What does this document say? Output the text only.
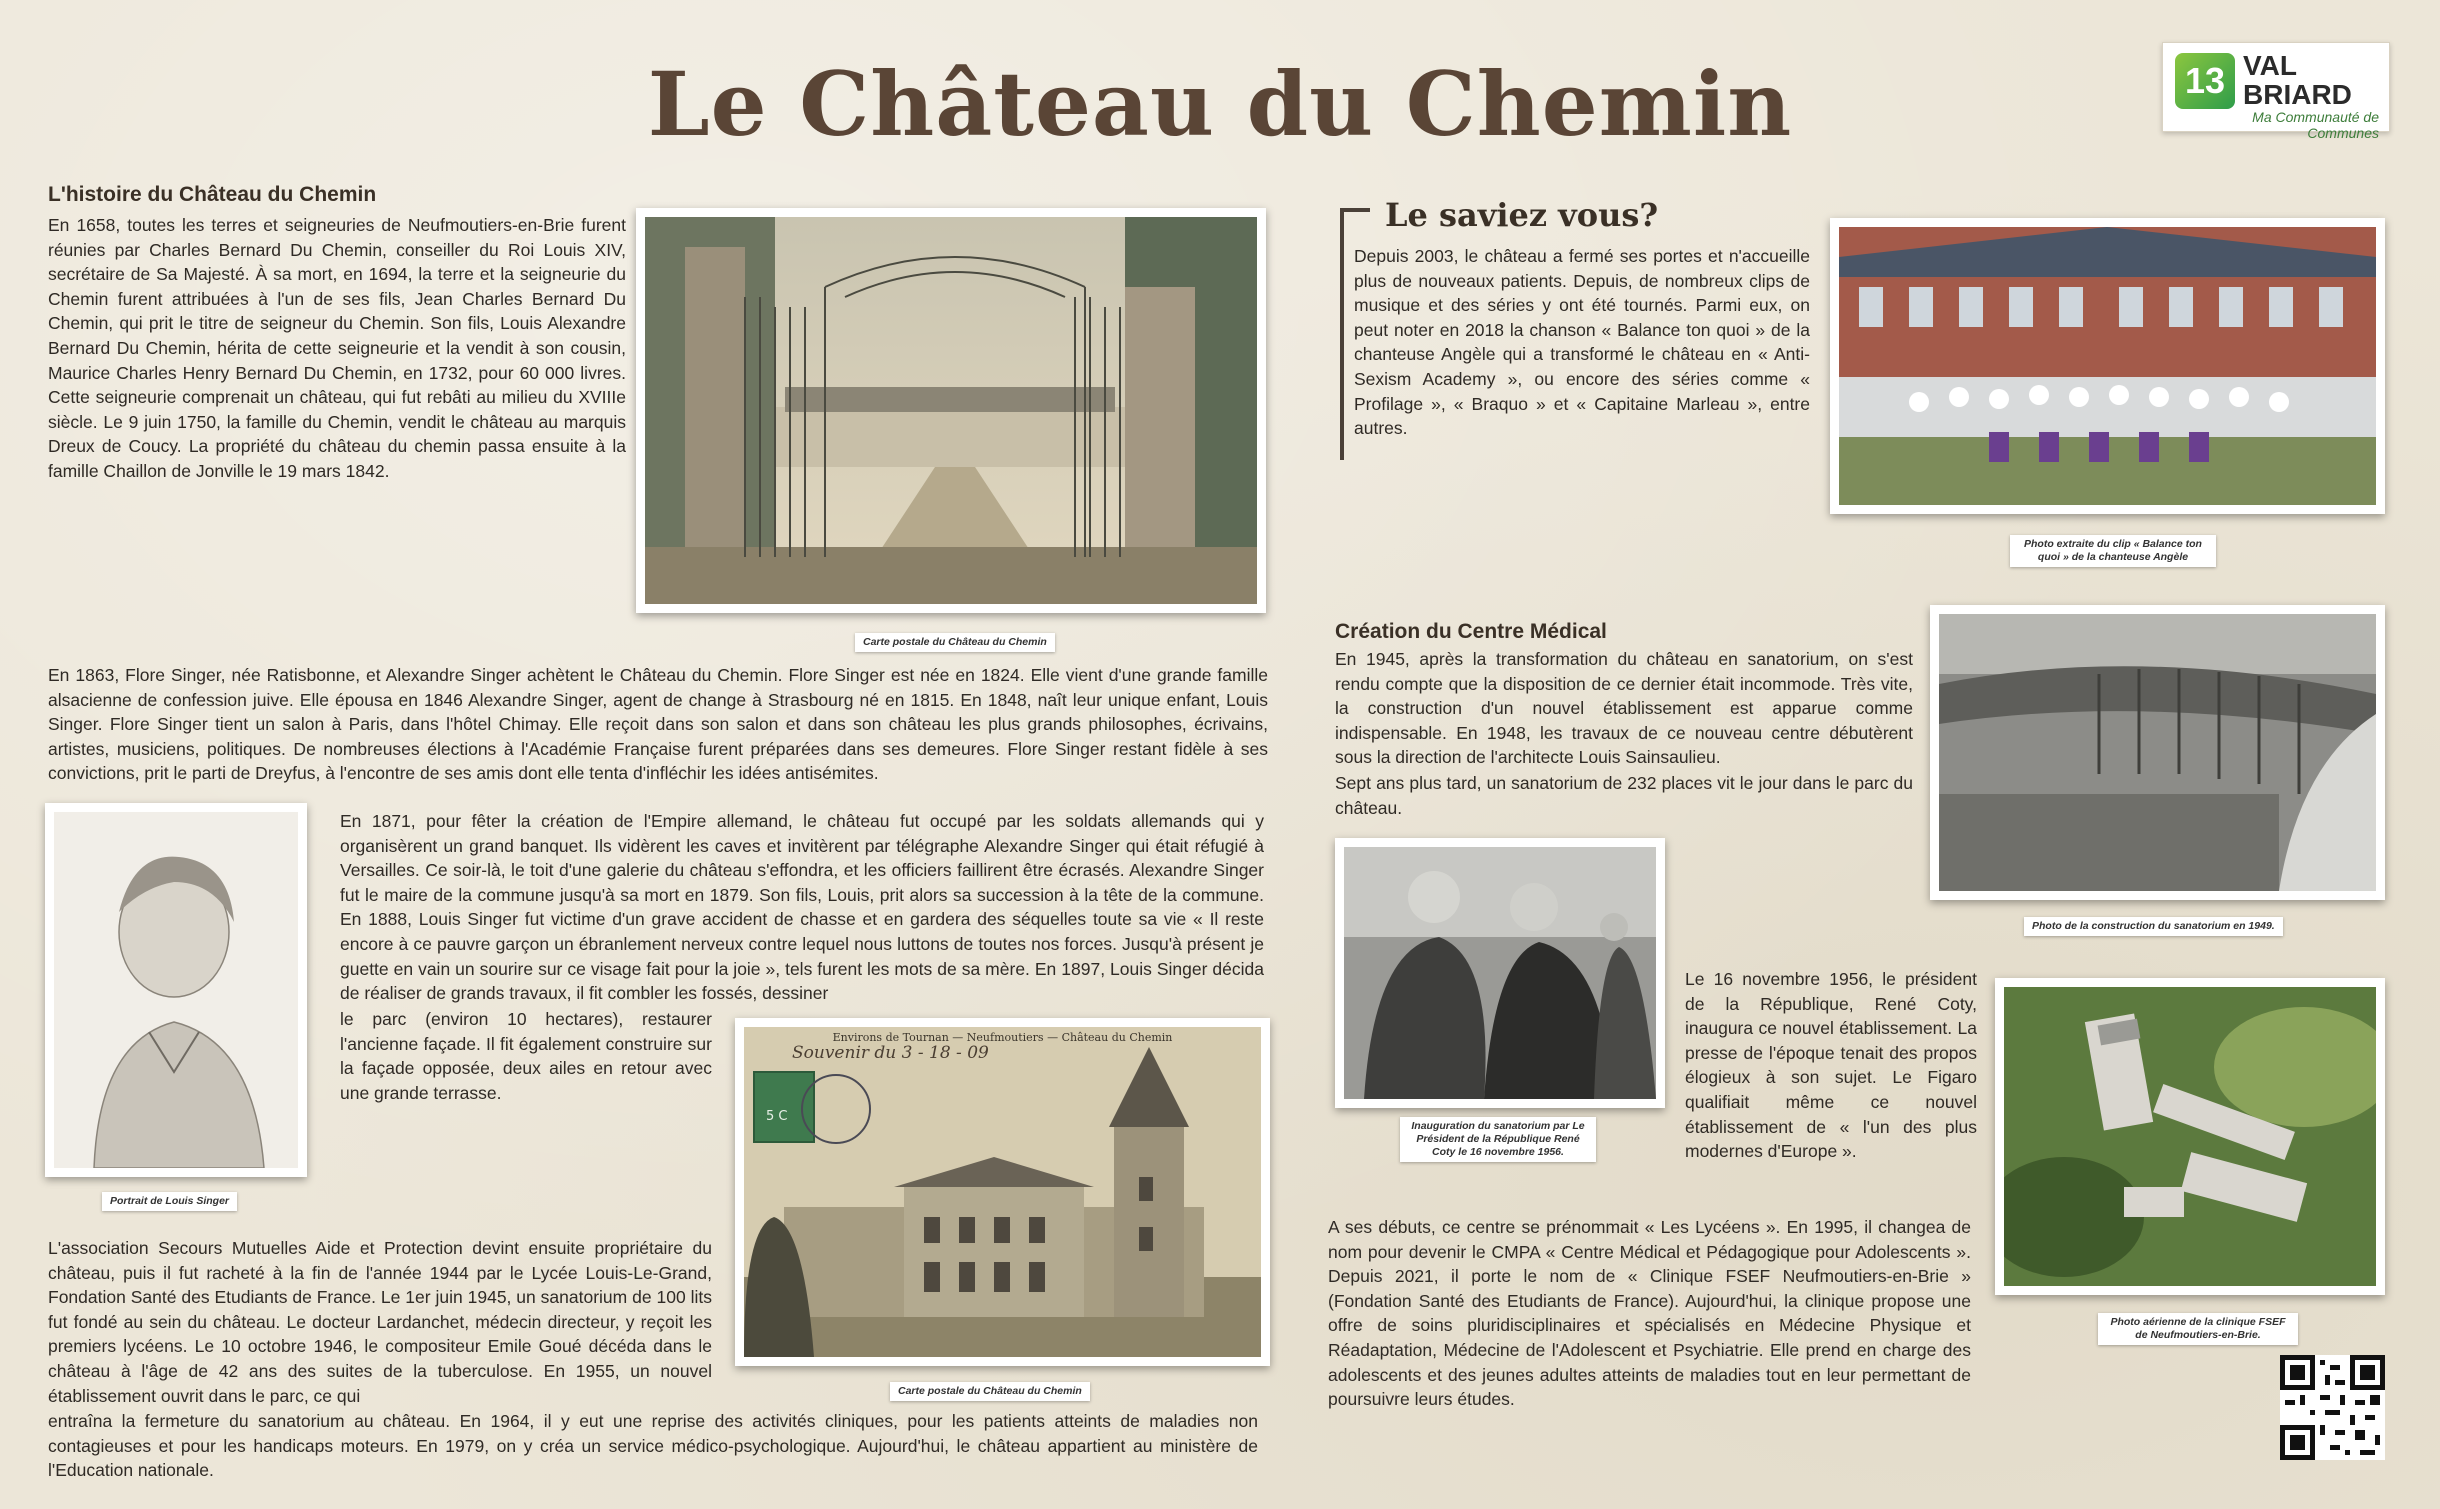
Le Château du Chemin	13 VAL
BRIARD
Ma Communauté de Communes
L'histoire du Château du Chemin

En 1658, toutes les terres et seigneuries de Neufmoutiers-en-Brie furent réunies par Charles Bernard Du Chemin, conseiller du Roi Louis XIV, secrétaire de Sa Majesté. À sa mort, en 1694, la terre et la seigneurie du Chemin furent attribuées à l'un de ses fils, Jean Charles Bernard Du Chemin, qui prit le titre de seigneur du Chemin. Son fils, Louis Alexandre Bernard Du Chemin, hérita de cette seigneurie et la vendit à son cousin, Maurice Charles Henry Bernard Du Chemin, en 1732, pour 60 000 livres. Cette seigneurie comprenait un château, qui fut rebâti au milieu du XVIIIe siècle. Le 9 juin 1750, la famille du Chemin, vendit le château au marquis Dreux de Coucy. La propriété du château du chemin passa ensuite à la famille Chaillon de Jonville le 19 mars 1842.

Carte postale du Château du Chemin

En 1863, Flore Singer, née Ratisbonne, et Alexandre Singer achètent le Château du Chemin. Flore Singer est née en 1824. Elle vient d'une grande famille alsacienne de confession juive. Elle épousa en 1846 Alexandre Singer, agent de change à Strasbourg né en 1815. En 1848, naît leur unique enfant, Louis Singer. Flore Singer tient un salon à Paris, dans l'hôtel Chimay. Elle reçoit dans son salon et dans son château les plus grands philosophes, écrivains, artistes, musiciens, politiques. De nombreuses élections à l'Académie Française furent préparées dans ses demeures. Flore Singer restant fidèle à ses convictions, prit le parti de Dreyfus, à l'encontre de ses amis dont elle tenta d'infléchir les idées antisémites.

Portrait de Louis Singer

En 1871, pour fêter la création de l'Empire allemand, le château fut occupé par les soldats allemands qui y organisèrent un grand banquet. Ils vidèrent les caves et invitèrent par télégraphe Alexandre Singer qui était réfugié à Versailles. Ce soir-là, le toit d'une galerie du château s'effondra, et les officiers faillirent être écrasés. Alexandre Singer fut le maire de la commune jusqu'à sa mort en 1879. Son fils, Louis, prit alors sa succession à la tête de la commune. En 1888, Louis Singer fut victime d'un grave accident de chasse et en gardera des séquelles toute sa vie « Il reste encore à ce pauvre garçon un ébranlement nerveux contre lequel nous luttons de toutes nos forces. Jusqu'à présent je guette en vain un sourire sur ce visage fait pour la joie », tels furent les mots de sa mère. En 1897, Louis Singer décida de réaliser de grands travaux, il fit combler les fossés, dessiner

le parc (environ 10 hectares), restaurer l'ancienne façade. Il fit également construire sur la façade opposée, deux ailes en retour avec une grande terrasse.

Environs de Tournan — Neufmoutiers — Château du Chemin
Souvenir du 3 - 18 - 09
5 C
Carte postale du Château du Chemin

L'association Secours Mutuelles Aide et Protection devint ensuite propriétaire du château, puis il fut racheté à la fin de l'année 1944 par le Lycée Louis-Le-Grand, Fondation Santé des Etudiants de France. Le 1er juin 1945, un sanatorium de 100 lits fut fondé au sein du château. Le docteur Lardanchet, médecin directeur, y reçoit les premiers lycéens. Le 10 octobre 1946, le compositeur Emile Goué décéda dans le château à l'âge de 42 ans des suites de la tuberculose. En 1955, un nouvel établissement ouvrit dans le parc, ce qui

entraîna la fermeture du sanatorium au château. En 1964, il y eut une reprise des activités cliniques, pour les patients atteints de maladies non contagieuses et pour les handicaps moteurs. En 1979, on y créa un service médico-psychologique. Aujourd'hui, le château appartient au ministère de l'Education nationale.

Le saviez vous?

Depuis 2003, le château a fermé ses portes et n'accueille plus de nouveaux patients. Depuis, de nombreux clips de musique et des séries y ont été tournés. Parmi eux, on peut noter en 2018 la chanson « Balance ton quoi » de la chanteuse Angèle qui a transformé le château en « Anti-Sexism Academy », ou encore des séries comme « Profilage », « Braquo » et « Capitaine Marleau », entre autres.

Photo extraite du clip « Balance ton quoi » de la chanteuse Angèle
Création du Centre Médical

En 1945, après la transformation du château en sanatorium, on s'est rendu compte que la disposition de ce dernier était incommode. Très vite, la construction d'un nouvel établissement est apparue comme indispensable. En 1948, les travaux de ce nouveau centre débutèrent sous la direction de l'architecte Louis Sainsaulieu.

Sept ans plus tard, un sanatorium de 232 places vit le jour dans le parc du château.

Photo de la construction du sanatorium en 1949.
Inauguration du sanatorium par Le Président de la République René Coty le 16 novembre 1956.

Le 16 novembre 1956, le président de la République, René Coty, inaugura ce nouvel établissement. La presse de l'époque tenait des propos élogieux à son sujet. Le Figaro qualifiait même ce nouvel établissement de « l'un des plus modernes d'Europe ».

Photo aérienne de la clinique FSEF de Neufmoutiers-en-Brie.

A ses débuts, ce centre se prénommait « Les Lycéens ». En 1995, il changea de nom pour devenir le CMPA « Centre Médical et Pédagogique pour Adolescents ». Depuis 2021, il porte le nom de « Clinique FSEF Neufmoutiers-en-Brie » (Fondation Santé des Etudiants de France). Aujourd'hui, la clinique propose une offre de soins pluridisciplinaires et spécialisés en Médecine Physique et Réadaptation, Médecine de l'Adolescent et Psychiatrie. Elle prend en charge des adolescents et des jeunes adultes atteints de maladies tout en leur permettant de poursuivre leurs études.
